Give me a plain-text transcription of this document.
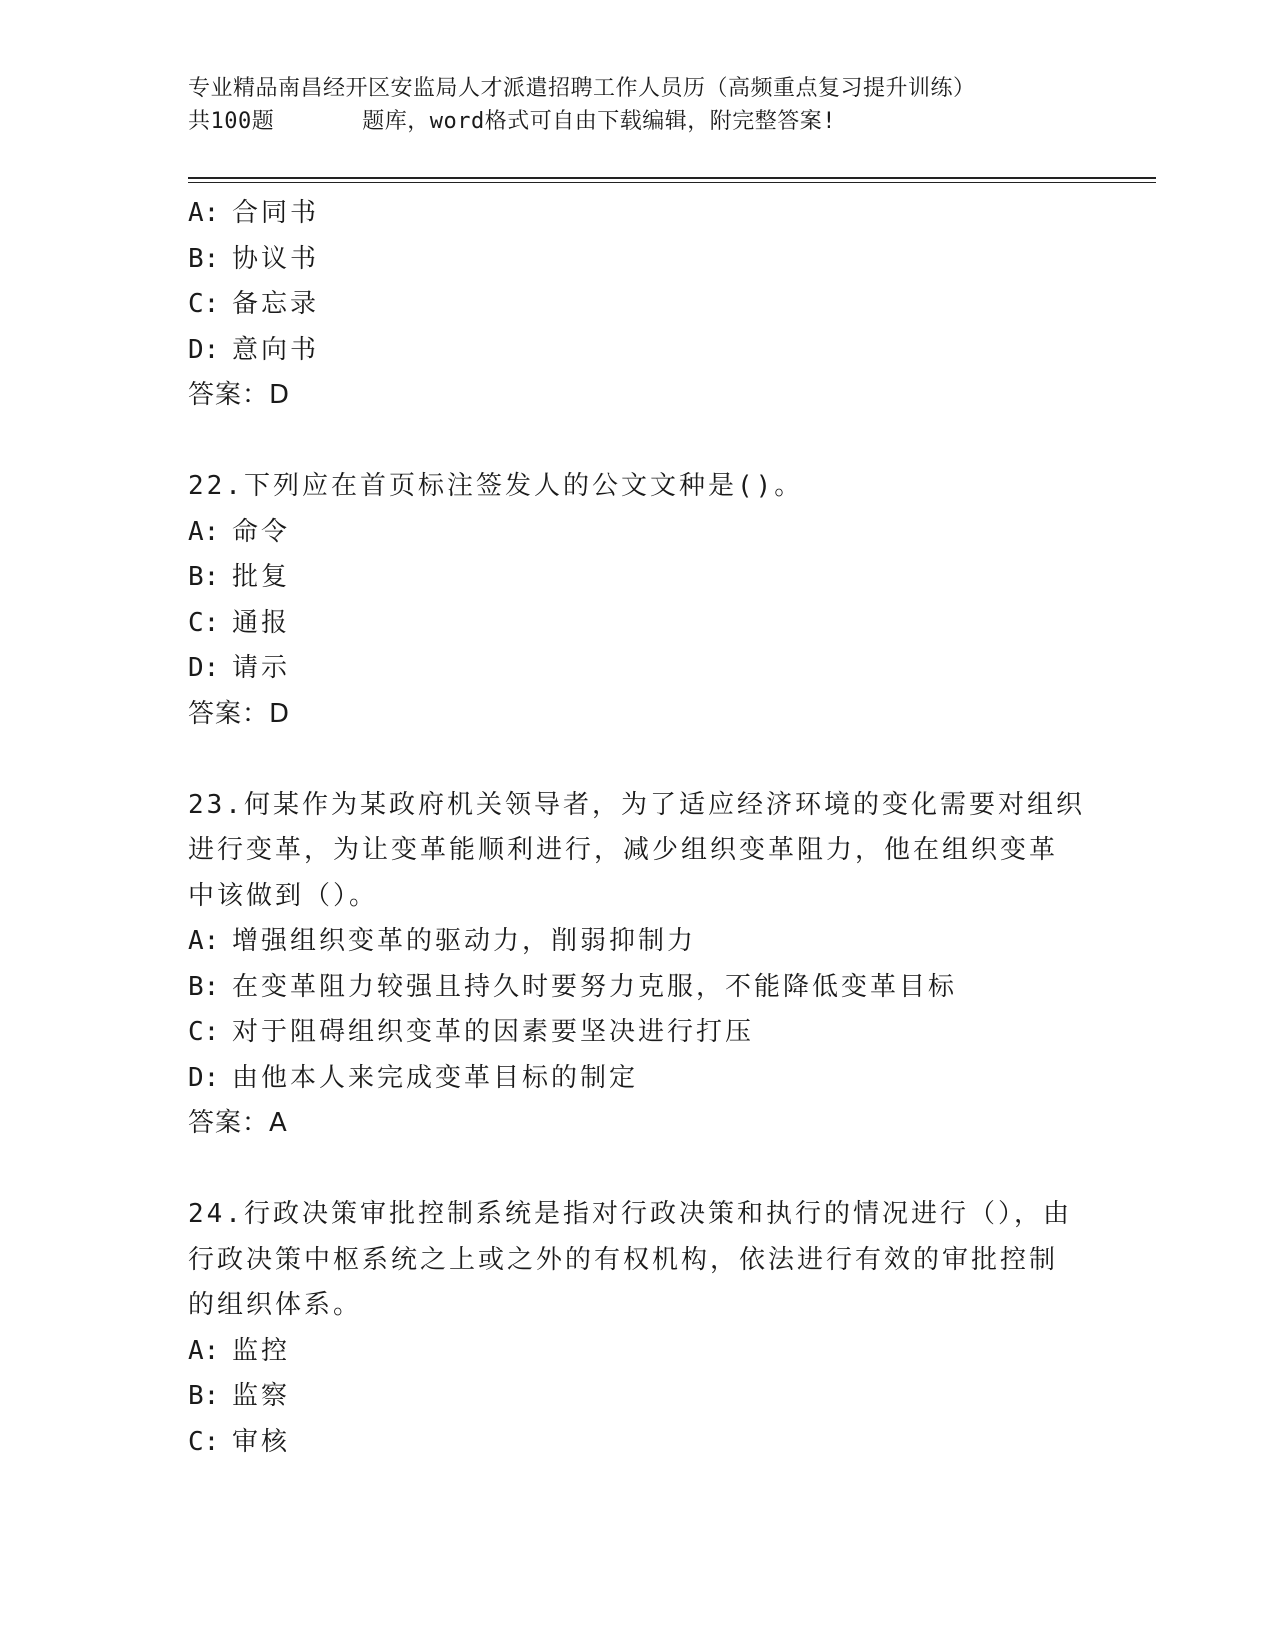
专业精品南昌经开区安监局人才派遣招聘工作人员历（高频重点复习提升训练）
共100题	题库，word格式可自由下载编辑，附完整答案!
A: 合同书
B: 协议书
C: 备忘录
D: 意向书
答案：D
22.下列应在首页标注签发人的公文文种是()。
A: 命令
B: 批复
C: 通报
D: 请示
答案：D
23.何某作为某政府机关领导者，为了适应经济环境的变化需要对组织
进行变革，为让变革能顺利进行，减少组织变革阻力，他在组织变革
中该做到（）。
A: 增强组织变革的驱动力，削弱抑制力
B: 在变革阻力较强且持久时要努力克服，不能降低变革目标
C: 对于阻碍组织变革的因素要坚决进行打压
D: 由他本人来完成变革目标的制定
答案：A
24.行政决策审批控制系统是指对行政决策和执行的情况进行（），由
行政决策中枢系统之上或之外的有权机构，依法进行有效的审批控制
的组织体系。
A: 监控
B: 监察
C: 审核
